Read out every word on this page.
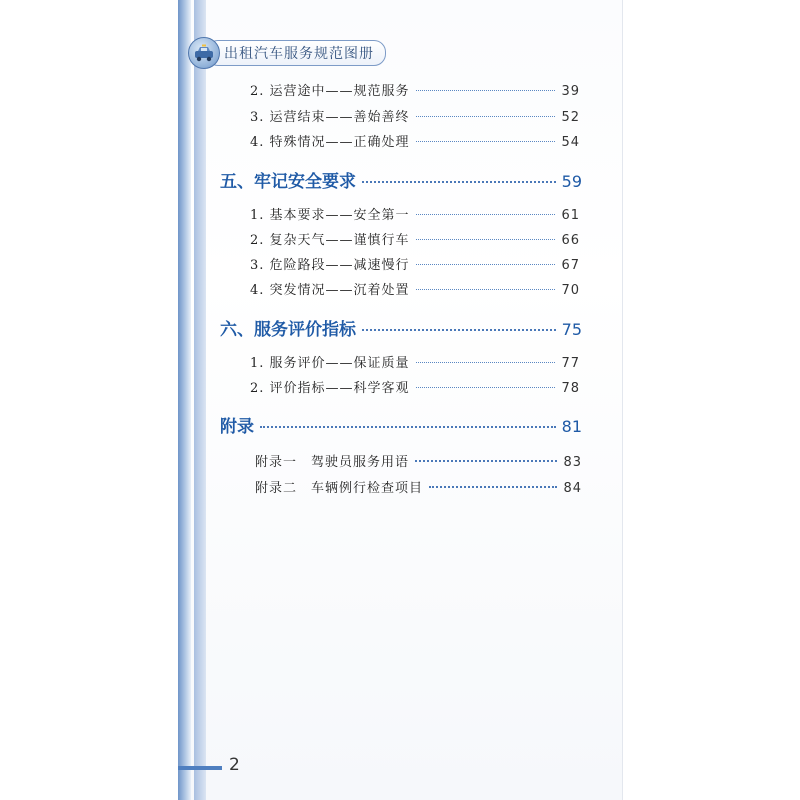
出租汽车服务规范图册
2. 运营途中——规范服务	39
3. 运营结束——善始善终	52
4. 特殊情况——正确处理	54
五、牢记安全要求	59
1. 基本要求——安全第一	61
2. 复杂天气——谨慎行车	66
3. 危险路段——减速慢行	67
4. 突发情况——沉着处置	70
六、服务评价指标	75
1. 服务评价——保证质量	77
2. 评价指标——科学客观	78
附录	81
附录一 驾驶员服务用语	83
附录二 车辆例行检查项目	84
2
